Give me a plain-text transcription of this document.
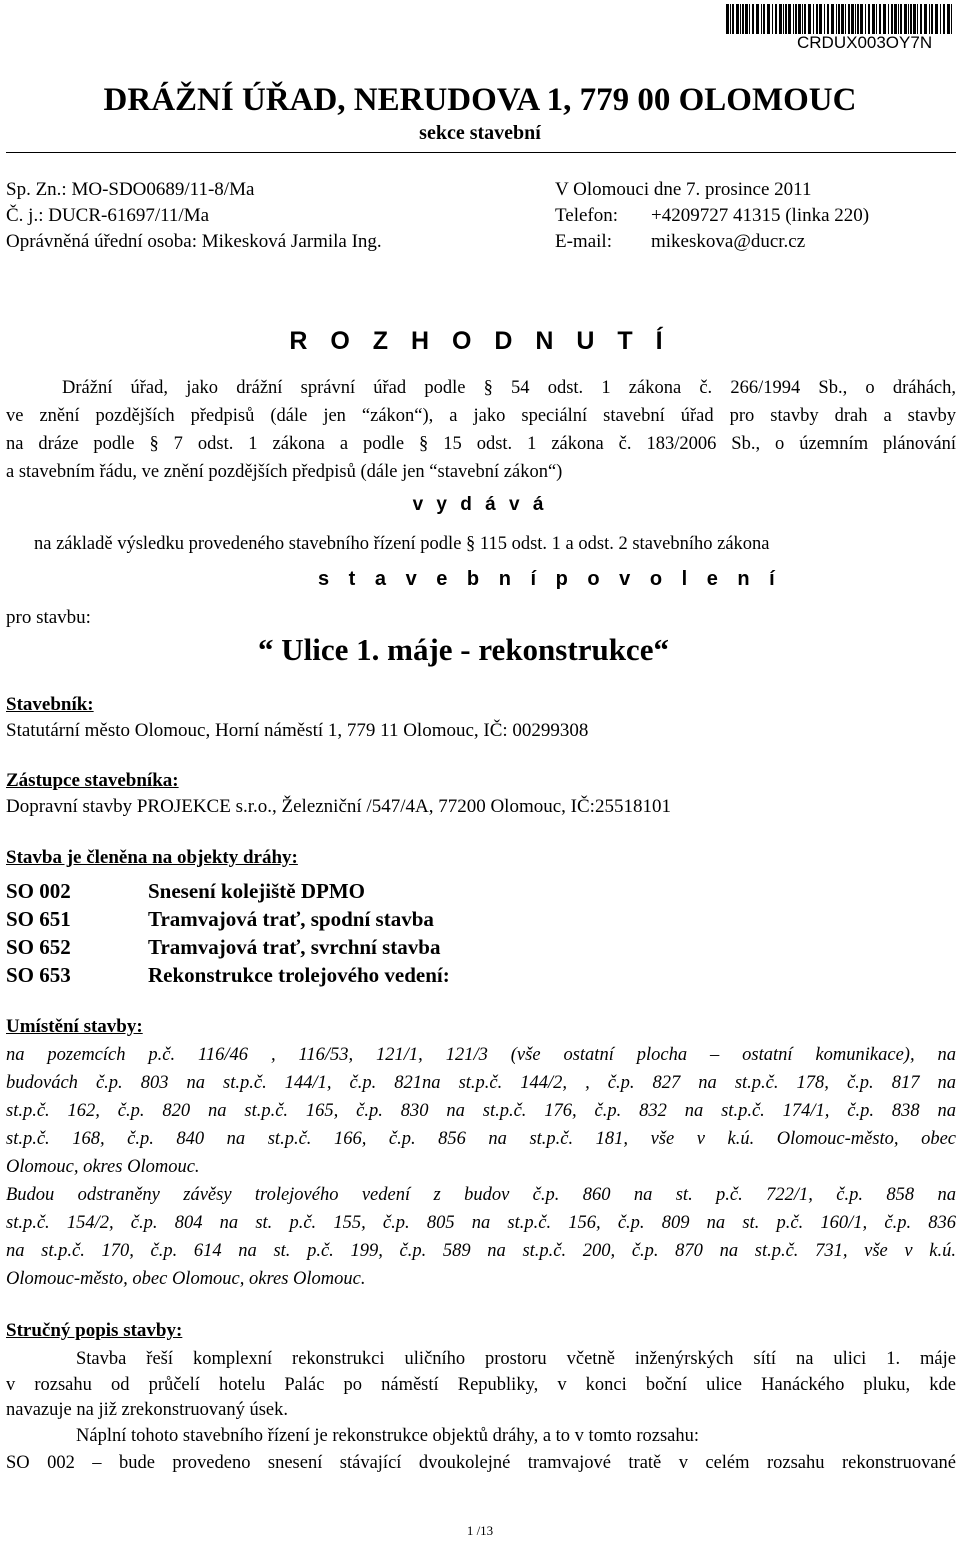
CRDUX003OY7N
DRÁŽNÍ ÚŘAD, NERUDOVA 1, 779 00 OLOMOUC
sekce stavební
Sp. Zn.: MO-SDO0689/11-8/Ma
Č. j.: DUCR-61697/11/Ma
Oprávněná úřední osoba: Mikesková Jarmila Ing.
V Olomouci dne 7. prosince 2011
Telefon: +4209727 41315 (linka 220)
E-mail: mikeskova@ducr.cz
R O Z H O D N U T Í
Drážní úřad, jako drážní správní úřad podle § 54 odst. 1 zákona č. 266/1994 Sb., o dráhách,
ve znění pozdějších předpisů (dále jen “zákon“), a jako speciální stavební úřad pro stavby drah a stavby
na dráze podle § 7 odst. 1 zákona a podle § 15 odst. 1 zákona č. 183/2006 Sb., o územním plánování
a stavebním řádu, ve znění pozdějších předpisů (dále jen “stavební zákon“)
v y d á v á
na základě výsledku provedeného stavebního řízení podle § 115 odst. 1 a odst. 2 stavebního zákona
s t a v e b n í p o v o l e n í
pro stavbu:
“ Ulice 1. máje - rekonstrukce“
Stavebník:
Statutární město Olomouc, Horní náměstí 1, 779 11 Olomouc, IČ: 00299308
Zástupce stavebníka:
Dopravní stavby PROJEKCE s.r.o., Železniční /547/4A, 77200 Olomouc, IČ:25518101
Stavba je členěna na objekty dráhy:
SO 002	Snesení kolejiště DPMO
SO 651	Tramvajová trať, spodní stavba
SO 652	Tramvajová trať, svrchní stavba
SO 653	Rekonstrukce trolejového vedení:
Umístění stavby:
na pozemcích p.č. 116/46 , 116/53, 121/1, 121/3 (vše ostatní plocha – ostatní komunikace), na
budovách č.p. 803 na st.p.č. 144/1, č.p. 821na st.p.č. 144/2, , č.p. 827 na st.p.č. 178, č.p. 817 na
st.p.č. 162, č.p. 820 na st.p.č. 165, č.p. 830 na st.p.č. 176, č.p. 832 na st.p.č. 174/1, č.p. 838 na
st.p.č. 168, č.p. 840 na st.p.č. 166, č.p. 856 na st.p.č. 181, vše v k.ú. Olomouc-město, obec
Olomouc, okres Olomouc.
Budou odstraněny závěsy trolejového vedení z budov č.p. 860 na st. p.č. 722/1, č.p. 858 na
st.p.č. 154/2, č.p. 804 na st. p.č. 155, č.p. 805 na st.p.č. 156, č.p. 809 na st. p.č. 160/1, č.p. 836
na st.p.č. 170, č.p. 614 na st. p.č. 199, č.p. 589 na st.p.č. 200, č.p. 870 na st.p.č. 731, vše v k.ú.
Olomouc-město, obec Olomouc, okres Olomouc.
Stručný popis stavby:
Stavba řeší komplexní rekonstrukci uličního prostoru včetně inženýrských sítí na ulici 1. máje
v rozsahu od průčelí hotelu Palác po náměstí Republiky, v konci boční ulice Hanáckého pluku, kde
navazuje na již zrekonstruovaný úsek.
Náplní tohoto stavebního řízení je rekonstrukce objektů dráhy, a to v tomto rozsahu:
SO 002 – bude provedeno snesení stávající dvoukolejné tramvajové tratě v celém rozsahu rekonstruované
1 /13
